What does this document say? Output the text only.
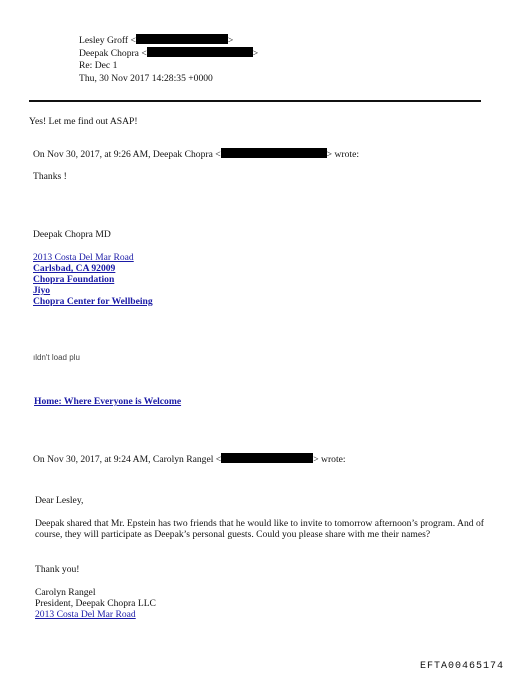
Lesley Groff <	>
Deepak Chopra <	>
Re: Dec 1
Thu, 30 Nov 2017 14:28:35 +0000
Yes! Let me find out ASAP!
On Nov 30, 2017, at 9:26 AM, Deepak Chopra <	> wrote:
Thanks !
Deepak Chopra MD
2013 Costa Del Mar Road
Carlsbad, CA 92009
Chopra Foundation
Jiyo
Chopra Center for Wellbeing
ıldn't load plu
Home: Where Everyone is Welcome
On Nov 30, 2017, at 9:24 AM, Carolyn Rangel <	> wrote:
Dear Lesley,
Deepak shared that Mr. Epstein has two friends that he would like to invite to tomorrow afternoon’s program. And of course, they will participate as Deepak’s personal guests. Could you please share with me their names?
Thank you!
Carolyn Rangel
President, Deepak Chopra LLC
2013 Costa Del Mar Road
EFTA00465174
